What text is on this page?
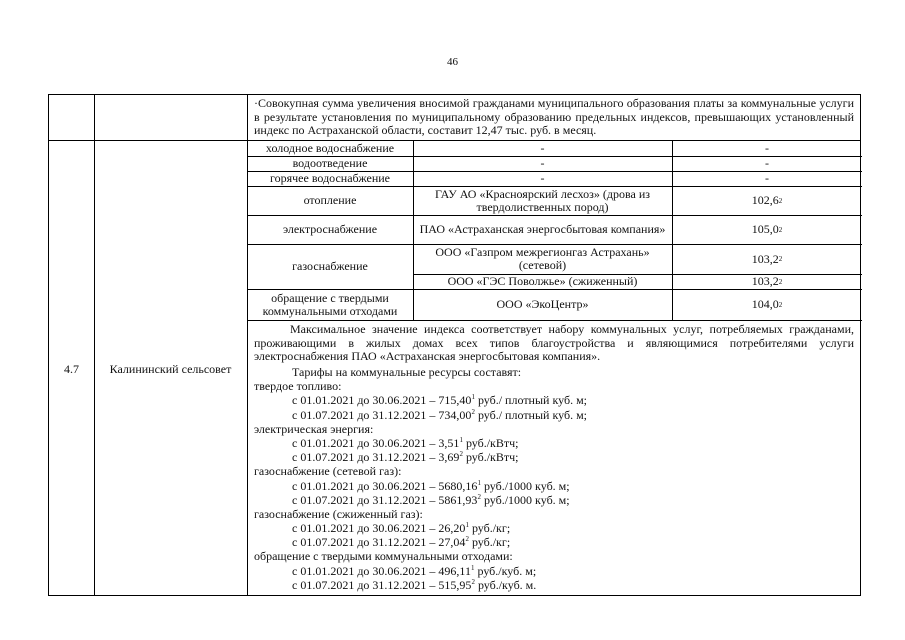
46
·Совокупная сумма увеличения вносимой гражданами муниципального образования платы за коммунальные услуги в результате установления по муниципальному образованию предельных индексов, превышающих установленный индекс по Астраханской области, составит 12,47 тыс. руб. в месяц.
4.7	Калининский сельсовет
Максимальное значение индекса соответствует набору коммунальных услуг, потребляемых гражданами, проживающими в жилых домах всех типов благоустройства и являющимися потребителями услуги электроснабжения ПАО «Астраханская энергосбытовая компания».
Тарифы на коммунальные ресурсы составят:
твердое топливо:
с 01.01.2021 до 30.06.2021 – 715,40$^1$ руб./ плотный куб. м;
с 01.07.2021 до 31.12.2021 – 734,00$^2$ руб./ плотный куб. м;
электрическая энергия:
с 01.01.2021 до 30.06.2021 – 3,51$^1$ руб./кВтч;
с 01.07.2021 до 31.12.2021 – 3,69$^2$ руб./кВтч;
газоснабжение (сетевой газ):
с 01.01.2021 до 30.06.2021 – 5680,16$^1$ руб./1000 куб. м;
с 01.07.2021 до 31.12.2021 – 5861,93$^2$ руб./1000 куб. м;
газоснабжение (сжиженный газ):
с 01.01.2021 до 30.06.2021 – 26,20$^1$ руб./кг;
с 01.07.2021 до 31.12.2021 – 27,04$^2$ руб./кг;
обращение с твердыми коммунальными отходами:
с 01.01.2021 до 30.06.2021 – 496,11$^1$ руб./куб. м;
с 01.07.2021 до 31.12.2021 – 515,95$^2$ руб./куб. м.
холодное водоснабжение	-	-
водоотведение	-	-
горячее водоснабжение	-	-
отопление	ГАУ АО «Красноярский лесхоз» (дрова из твердолиственных пород)	102,6 2
электроснабжение	ПАО «Астраханская энергосбытовая компания»	105,0 2
газоснабжение
ООО «Газпром межрегионгаз Астрахань» (сетевой)	103,2 2
ООО «ГЭС Поволжье» (сжиженный)	103,2 2
обращение с твердыми коммунальными отходами	ООО «ЭкоЦентр»	104,0 2
